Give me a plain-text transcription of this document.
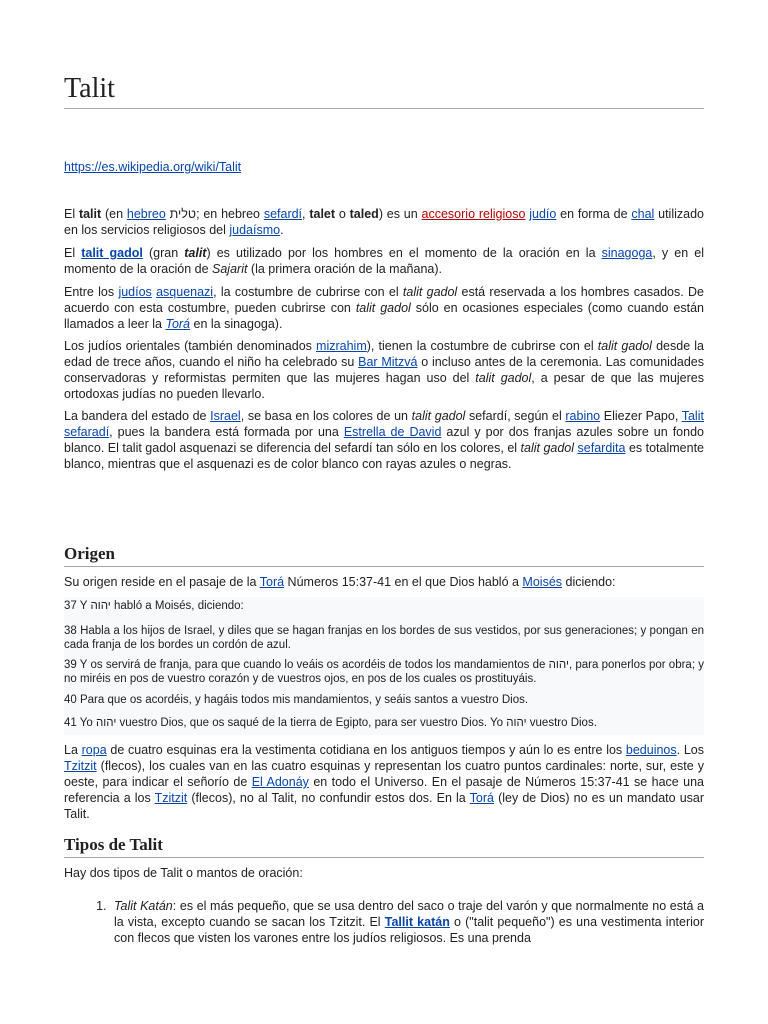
Talit
https://es.wikipedia.org/wiki/Talit

El talit (en hebreo טלית; en hebreo sefardí, talet o taled) es un accesorio religioso judío en forma de chal utilizado en los servicios religiosos del judaísmo.

El talit gadol (gran talit) es utilizado por los hombres en el momento de la oración en la sinagoga, y en el momento de la oración de Sajarit (la primera oración de la mañana).

Entre los judíos asquenazi, la costumbre de cubrirse con el talit gadol está reservada a los hombres casados. De acuerdo con esta costumbre, pueden cubrirse con talit gadol sólo en ocasiones especiales (como cuando están llamados a leer la Torá en la sinagoga).

Los judíos orientales (también denominados mizrahim), tienen la costumbre de cubrirse con el talit gadol desde la edad de trece años, cuando el niño ha celebrado su Bar Mitzvá o incluso antes de la ceremonia. Las comunidades conservadoras y reformistas permiten que las mujeres hagan uso del talit gadol, a pesar de que las mujeres ortodoxas judías no pueden llevarlo.

La bandera del estado de Israel, se basa en los colores de un talit gadol sefardí, según el rabino Eliezer Papo, Talit sefaradí, pues la bandera está formada por una Estrella de David azul y por dos franjas azules sobre un fondo blanco. El talit gadol asquenazi se diferencia del sefardí tan sólo en los colores, el talit gadol sefardita es totalmente blanco, mientras que el asquenazi es de color blanco con rayas azules o negras.

Origen

Su origen reside en el pasaje de la Torá Números 15:37-41 en el que Dios habló a Moisés diciendo:

37 Y יהוה habló a Moisés, diciendo:

38 Habla a los hijos de Israel, y diles que se hagan franjas en los bordes de sus vestidos, por sus generaciones; y pongan en cada franja de los bordes un cordón de azul.

39 Y os servirá de franja, para que cuando lo veáis os acordéis de todos los mandamientos de יהוה, para ponerlos por obra; y no miréis en pos de vuestro corazón y de vuestros ojos, en pos de los cuales os prostituyáis.

40 Para que os acordéis, y hagáis todos mis mandamientos, y seáis santos a vuestro Dios.

41 Yo יהוה vuestro Dios, que os saqué de la tierra de Egipto, para ser vuestro Dios. Yo יהוה vuestro Dios.

La ropa de cuatro esquinas era la vestimenta cotidiana en los antiguos tiempos y aún lo es entre los beduinos. Los Tzitzit (flecos), los cuales van en las cuatro esquinas y representan los cuatro puntos cardinales: norte, sur, este y oeste, para indicar el señorío de El Adonáy en todo el Universo. En el pasaje de Números 15:37-41 se hace una referencia a los Tzitzit (flecos), no al Talit, no confundir estos dos. En la Torá (ley de Dios) no es un mandato usar Talit.

Tipos de Talit

Hay dos tipos de Talit o mantos de oración:

1. Talit Katán: es el más pequeño, que se usa dentro del saco o traje del varón y que normalmente no está a la vista, excepto cuando se sacan los Tzitzit. El Tallit katán o ("talit pequeño") es una vestimenta interior con flecos que visten los varones entre los judíos religiosos. Es una prenda
